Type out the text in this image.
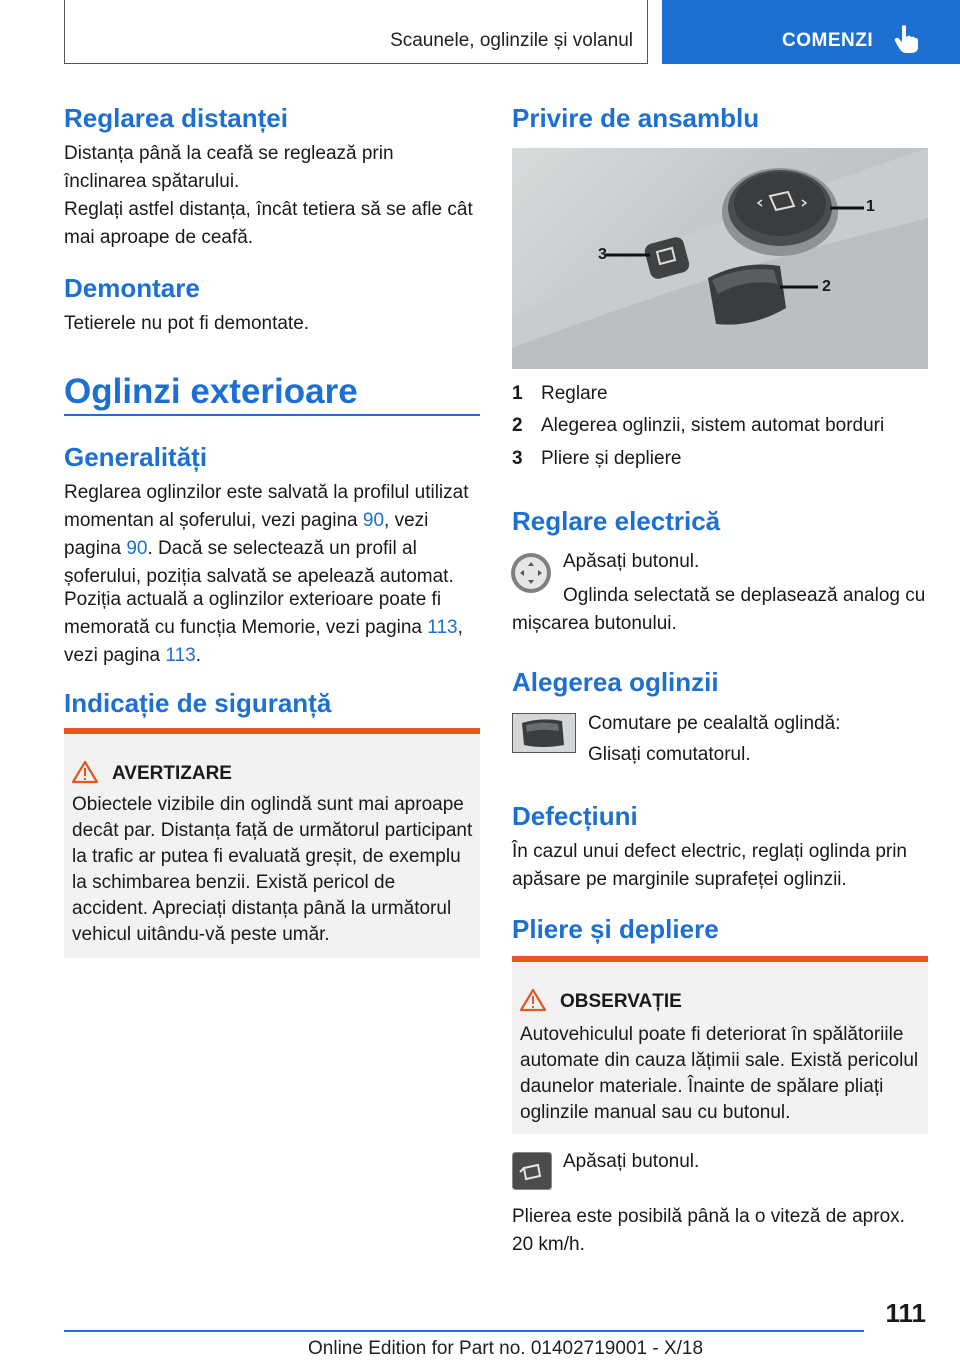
Scaunele, oglinzile și volanul	COMENZI
Reglarea distanței

Distanța până la ceafă se reglează prin înclinarea spătarului.

Reglați astfel distanța, încât tetiera să se afle cât mai aproape de ceafă.

Demontare

Tetierele nu pot fi demontate.

Oglinzi exterioare
Generalități

Reglarea oglinzilor este salvată la profilul utilizat momentan al șoferului, vezi pagina 90, vezi pagina 90. Dacă se selectează un profil al șoferului, poziția salvată se apelează automat.

Poziția actuală a oglinzilor exterioare poate fi memorată cu funcția Memorie, vezi pagina 113, vezi pagina 113.

Indicație de siguranță
AVERTIZARE
Obiectele vizibile din oglindă sunt mai aproape decât par. Distanța față de următorul participant la trafic ar putea fi evaluată greșit, de exemplu la schimbarea benzii. Există pericol de accident. Apreciați distanța până la următorul vehicul uitându-vă peste umăr.
Privire de ansamblu
1
2
3
1 Reglare
2 Alegerea oglinzii, sistem automat borduri
3 Pliere și depliere
Reglare electrică

Apăsați butonul.

Oglinda selectată se deplasează analog cu mișcarea butonului.

Alegerea oglinzii

Comutare pe cealaltă oglindă:

Glisați comutatorul.

Defecțiuni

În cazul unui defect electric, reglați oglinda prin apăsare pe marginile suprafeței oglinzii.

Pliere și depliere
OBSERVAȚIE
Autovehiculul poate fi deteriorat în spălătoriile automate din cauza lățimii sale. Există pericolul daunelor materiale. Înainte de spălare pliați oglinzile manual sau cu butonul.

Apăsați butonul.

Plierea este posibilă până la o viteză de aprox. 20 km/h.

111
Online Edition for Part no. 01402719001 - X/18
